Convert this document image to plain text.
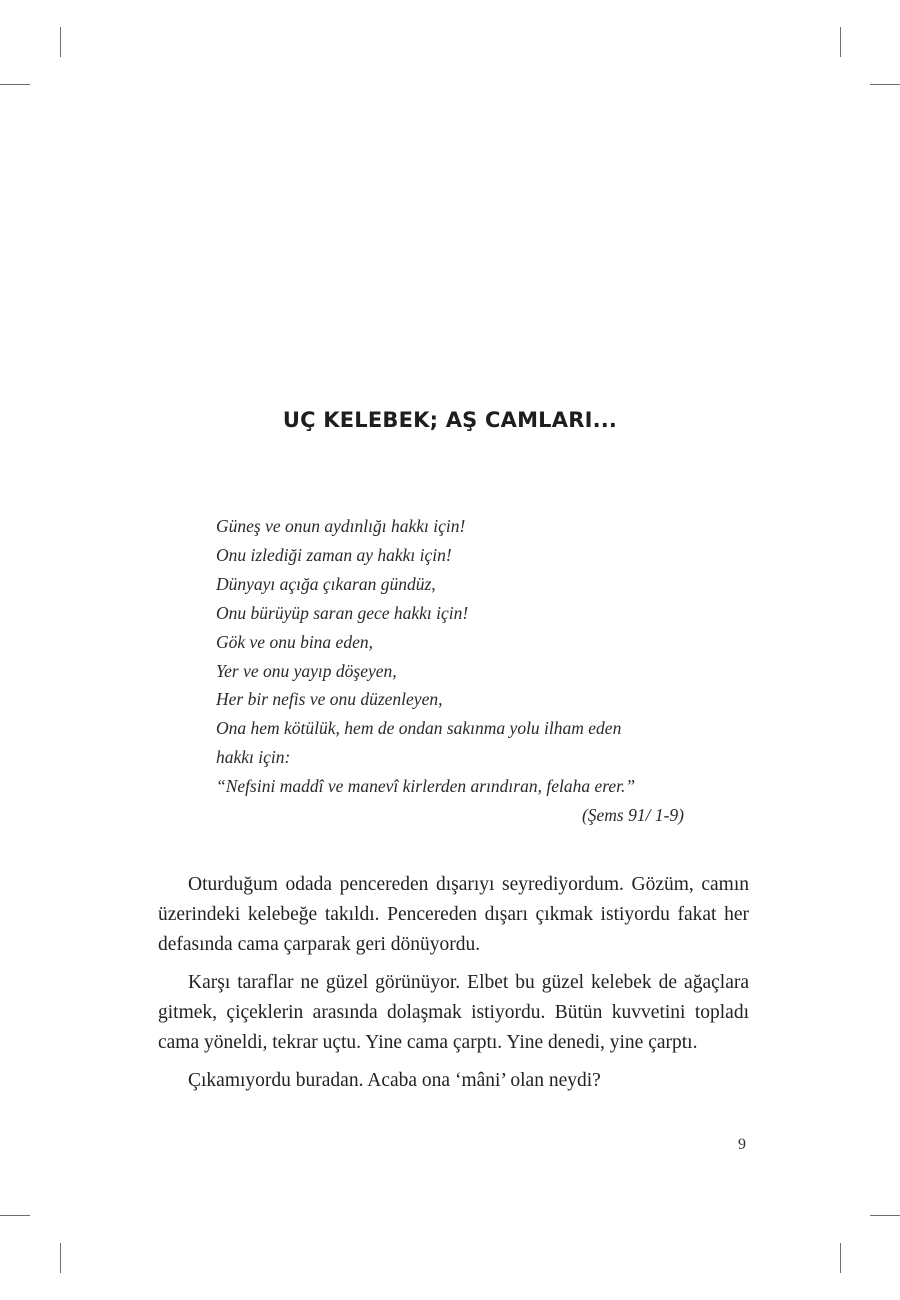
UÇ KELEBEK; AŞ CAMLARI...
Güneş ve onun aydınlığı hakkı için!
Onu izlediği zaman ay hakkı için!
Dünyayı açığa çıkaran gündüz,
Onu bürüyüp saran gece hakkı için!
Gök ve onu bina eden,
Yer ve onu yayıp döşeyen,
Her bir nefis ve onu düzenleyen,
Ona hem kötülük, hem de ondan sakınma yolu ilham eden
hakkı için:
“Nefsini maddî ve manevî kirlerden arındıran, felaha erer.”
(Şems 91/ 1-9)

Oturduğum odada pencereden dışarıyı seyrediyordum. Gözüm, camın üzerindeki kelebeğe takıldı. Pencereden dışarı çıkmak istiyordu fakat her defasında cama çarparak geri dönüyordu.

Karşı taraflar ne güzel görünüyor. Elbet bu güzel kelebek de ağaçlara gitmek, çiçeklerin arasında dolaşmak istiyordu. Bütün kuvvetini topladı cama yöneldi, tekrar uçtu. Yine cama çarptı. Yine denedi, yine çarptı.

Çıkamıyordu buradan. Acaba ona ‘mâni’ olan neydi?

9
